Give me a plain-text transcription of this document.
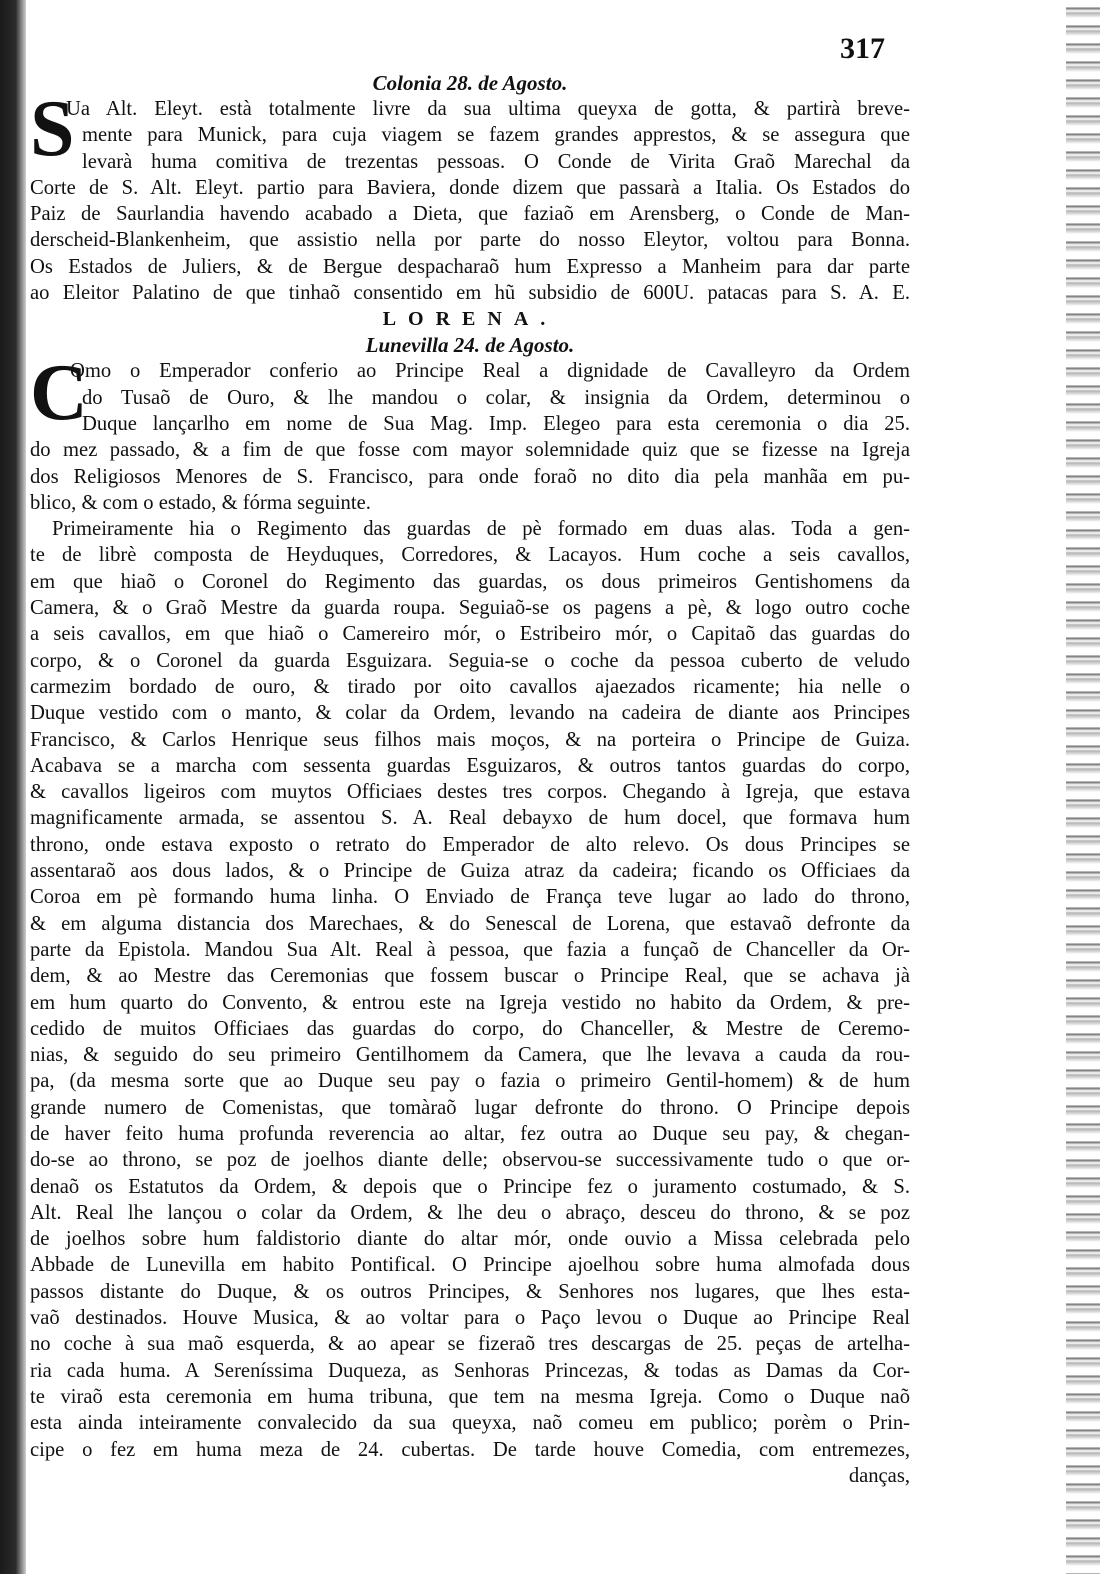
317
Colonia 28. de Agosto.
S
Ua Alt. Eleyt. està totalmente livre da sua ultima queyxa de gotta, & partirà breve-
mente para Munick, para cuja viagem se fazem grandes apprestos, & se assegura que
levarà huma comitiva de trezentas pessoas. O Conde de Virita Graõ Marechal da
Corte de S. Alt. Eleyt. partio para Baviera, donde dizem que passarà a Italia. Os Estados do
Paiz de Saurlandia havendo acabado a Dieta, que faziaõ em Arensberg, o Conde de Man-
derscheid-Blankenheim, que assistio nella por parte do nosso Eleytor, voltou para Bonna.
Os Estados de Juliers, & de Bergue despacharaõ hum Expresso a Manheim para dar parte
ao Eleitor Palatino de que tinhaõ consentido em hũ subsidio de 600U. patacas para S. A. E.
LORENA.
Lunevilla 24. de Agosto.
C
Omo o Emperador conferio ao Principe Real a dignidade de Cavalleyro da Ordem
do Tusaõ de Ouro, & lhe mandou o colar, & insignia da Ordem, determinou o
Duque lançarlho em nome de Sua Mag. Imp. Elegeo para esta ceremonia o dia 25.
do mez passado, & a fim de que fosse com mayor solemnidade quiz que se fizesse na Igreja
dos Religiosos Menores de S. Francisco, para onde foraõ no dito dia pela manhãa em pu-
blico, & com o estado, & fórma seguinte.
Primeiramente hia o Regimento das guardas de pè formado em duas alas. Toda a gen-
te de librè composta de Heyduques, Corredores, & Lacayos. Hum coche a seis cavallos,
em que hiaõ o Coronel do Regimento das guardas, os dous primeiros Gentishomens da
Camera, & o Graõ Mestre da guarda roupa. Seguiaõ-se os pagens a pè, & logo outro coche
a seis cavallos, em que hiaõ o Camereiro mór, o Estribeiro mór, o Capitaõ das guardas do
corpo, & o Coronel da guarda Esguizara. Seguia-se o coche da pessoa cuberto de veludo
carmezim bordado de ouro, & tirado por oito cavallos ajaezados ricamente; hia nelle o
Duque vestido com o manto, & colar da Ordem, levando na cadeira de diante aos Principes
Francisco, & Carlos Henrique seus filhos mais moços, & na porteira o Principe de Guiza.
Acabava se a marcha com sessenta guardas Esguizaros, & outros tantos guardas do corpo,
& cavallos ligeiros com muytos Officiaes destes tres corpos. Chegando à Igreja, que estava
magnificamente armada, se assentou S. A. Real debayxo de hum docel, que formava hum
throno, onde estava exposto o retrato do Emperador de alto relevo. Os dous Principes se
assentaraõ aos dous lados, & o Principe de Guiza atraz da cadeira; ficando os Officiaes da
Coroa em pè formando huma linha. O Enviado de França teve lugar ao lado do throno,
& em alguma distancia dos Marechaes, & do Senescal de Lorena, que estavaõ defronte da
parte da Epistola. Mandou Sua Alt. Real à pessoa, que fazia a funçaõ de Chanceller da Or-
dem, & ao Mestre das Ceremonias que fossem buscar o Principe Real, que se achava jà
em hum quarto do Convento, & entrou este na Igreja vestido no habito da Ordem, & pre-
cedido de muitos Officiaes das guardas do corpo, do Chanceller, & Mestre de Ceremo-
nias, & seguido do seu primeiro Gentilhomem da Camera, que lhe levava a cauda da rou-
pa, (da mesma sorte que ao Duque seu pay o fazia o primeiro Gentil-homem) & de hum
grande numero de Comenistas, que tomàraõ lugar defronte do throno. O Principe depois
de haver feito huma profunda reverencia ao altar, fez outra ao Duque seu pay, & chegan-
do-se ao throno, se poz de joelhos diante delle; observou-se successivamente tudo o que or-
denaõ os Estatutos da Ordem, & depois que o Principe fez o juramento costumado, & S.
Alt. Real lhe lançou o colar da Ordem, & lhe deu o abraço, desceu do throno, & se poz
de joelhos sobre hum faldistorio diante do altar mór, onde ouvio a Missa celebrada pelo
Abbade de Lunevilla em habito Pontifical. O Principe ajoelhou sobre huma almofada dous
passos distante do Duque, & os outros Principes, & Senhores nos lugares, que lhes esta-
vaõ destinados. Houve Musica, & ao voltar para o Paço levou o Duque ao Principe Real
no coche à sua maõ esquerda, & ao apear se fizeraõ tres descargas de 25. peças de artelha-
ria cada huma. A Sereníssima Duqueza, as Senhoras Princezas, & todas as Damas da Cor-
te viraõ esta ceremonia em huma tribuna, que tem na mesma Igreja. Como o Duque naõ
esta ainda inteiramente convalecido da sua queyxa, naõ comeu em publico; porèm o Prin-
cipe o fez em huma meza de 24. cubertas. De tarde houve Comedia, com entremezes,
danças,
